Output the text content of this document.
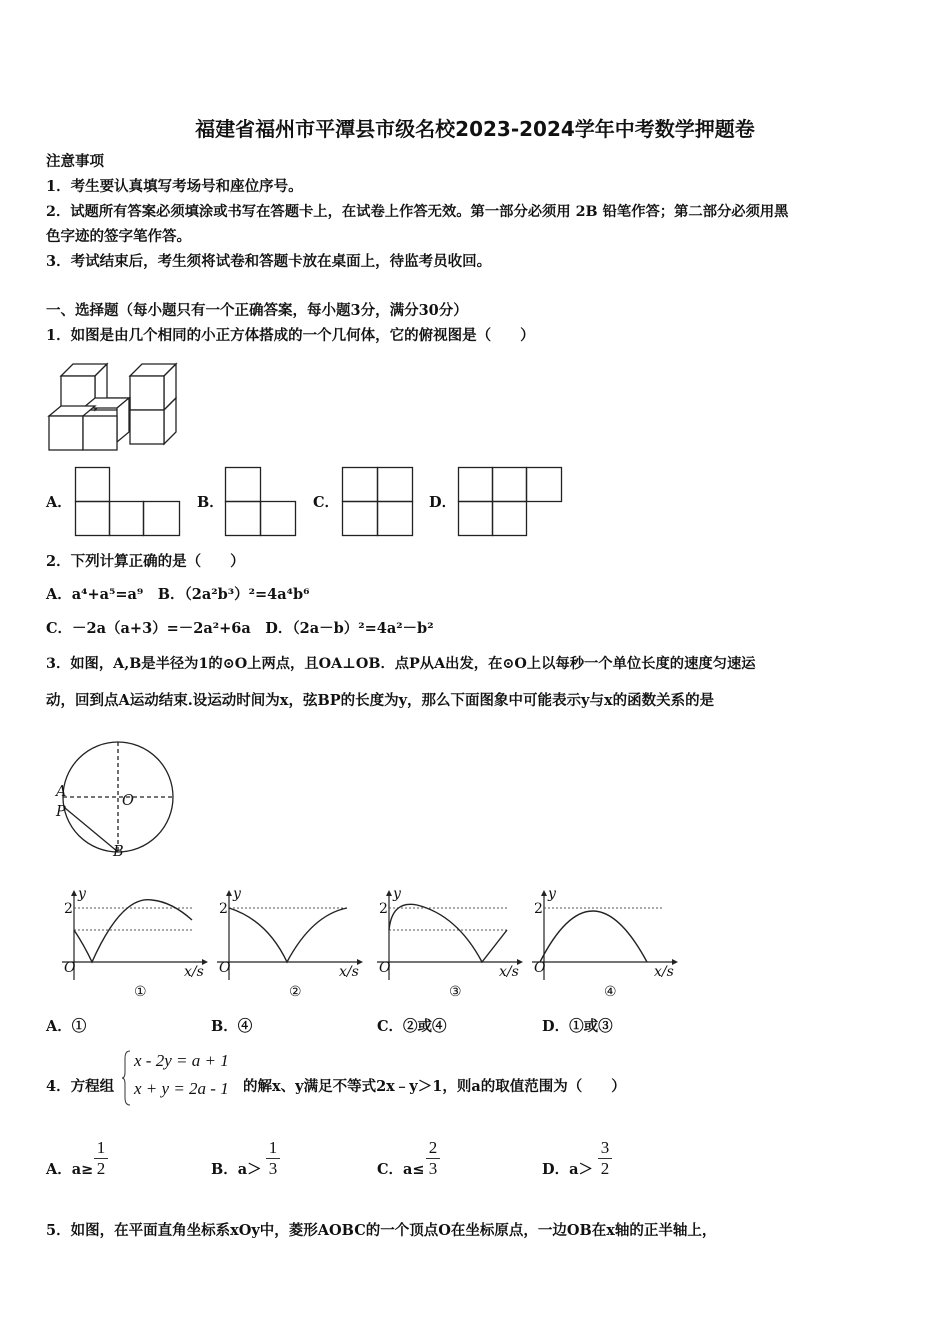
福建省福州市平潭县市级名校2023-2024学年中考数学押题卷
注意事项
1．考生要认真填写考场号和座位序号。
2．试题所有答案必须填涂或书写在答题卡上，在试卷上作答无效。第一部分必须用 2B 铅笔作答；第二部分必须用黑
色字迹的签字笔作答。
3．考试结束后，考生须将试卷和答题卡放在桌面上，待监考员收回。
一、选择题（每小题只有一个正确答案，每小题3分，满分30分）
1．如图是由几个相同的小正方体搭成的一个几何体，它的俯视图是（　　）
A．	B．	C．	D．
2．下列计算正确的是（　　）
A．a⁴+a⁵=a⁹　B．（2a²b³）²=4a⁴b⁶
C．－2a（a+3）=－2a²+6a　D．（2a－b）²=4a²－b²
3．如图，A,B是半径为1的⊙O上两点，且OA⊥OB．点P从A出发，在⊙O上以每秒一个单位长度的速度匀速运
动，回到点A运动结束.设运动时间为x，弦BP的长度为y，那么下面图象中可能表示y与x的函数关系的是
A
P
O
B
y
2
O	x/s
①
y
2
O	x/s
②
y
2
O	x/s
③
y
2
O	x/s
④
A．①	B．④	C．②或④	D．①或③
4．方程组
x - 2y = a + 1
x + y = 2a - 1 的解x、y满足不等式2x﹣y＞1，则a的取值范围为（　　）
A．$a\ge \frac{1}{2}$	B．$a> \frac{1}{3}$	C．$a\le \frac{2}{3}$	D．$a> \frac{3}{2}$
5．如图，在平面直角坐标系xOy中，菱形AOBC的一个顶点O在坐标原点，一边OB在x轴的正半轴上，
